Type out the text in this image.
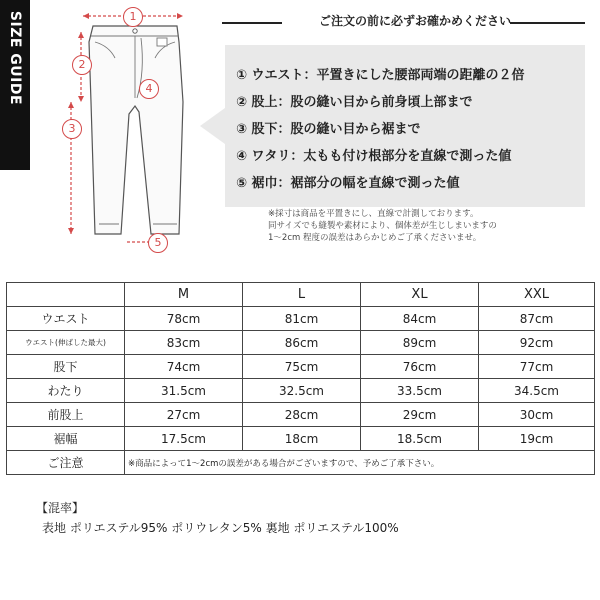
SIZE GUIDE	1
2
3
4
5
ご注文の前に必ずお確かめください
① ウエスト：平置きにした腰部両端の距離の２倍
② 股上：股の縫い目から前身頃上部まで
③ 股下：股の縫い目から裾まで
④ ワタリ：太もも付け根部分を直線で測った値
⑤ 裾巾：裾部分の幅を直線で測った値
※採寸は商品を平置きにし、直線で計測しております。
同サイズでも縫製や素材により、個体差が生じしまいますの
1～2cm 程度の誤差はあらかじめご了承くださいませ。
	M	L	XL	XXL
ウエスト	78cm	81cm	84cm	87cm
ウエスト(伸ばした最大)	83cm	86cm	89cm	92cm
股下	74cm	75cm	76cm	77cm
わたり	31.5cm	32.5cm	33.5cm	34.5cm
前股上	27cm	28cm	29cm	30cm
裾幅	17.5cm	18cm	18.5cm	19cm
ご注意	※商品によって1～2cmの誤差がある場合がございますので、予めご了承下さい。			
【混率】
表地 ポリエステル95% ポリウレタン5% 裏地 ポリエステル100%
